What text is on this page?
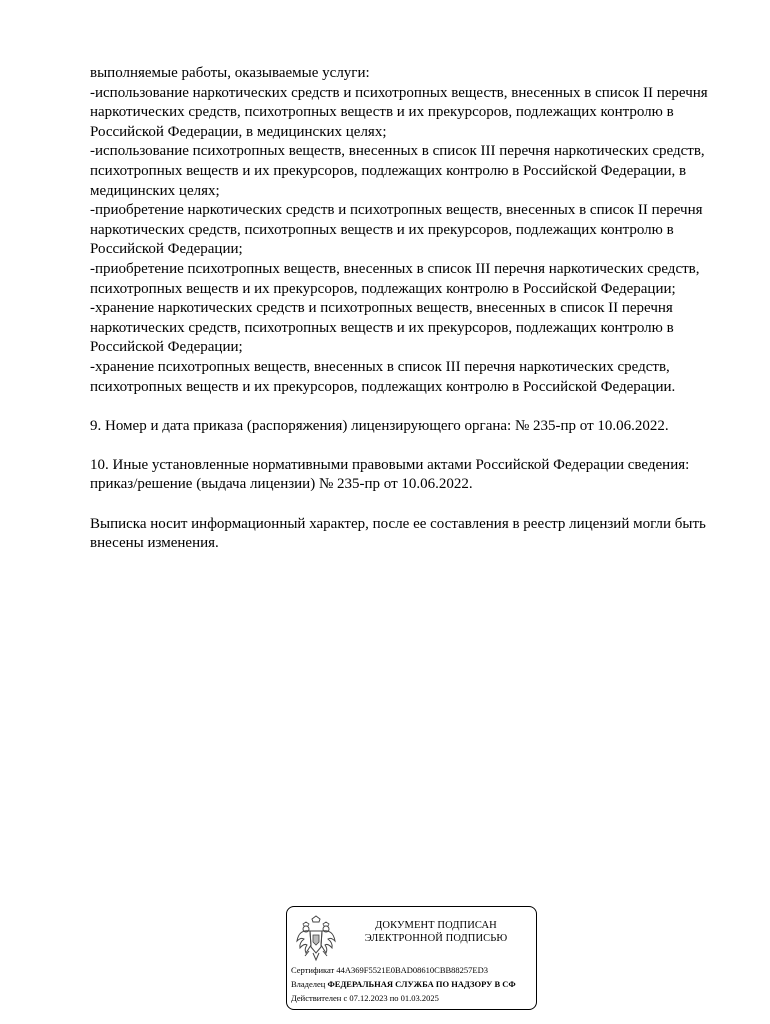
выполняемые работы, оказываемые услуги:
-использование наркотических средств и психотропных веществ, внесенных в список II перечня
наркотических средств, психотропных веществ и их прекурсоров, подлежащих контролю в
Российской Федерации, в медицинских целях;
-использование психотропных веществ, внесенных в список III перечня наркотических средств,
психотропных веществ и их прекурсоров, подлежащих контролю в Российской Федерации, в
медицинских целях;
-приобретение наркотических средств и психотропных веществ, внесенных в список II перечня
наркотических средств, психотропных веществ и их прекурсоров, подлежащих контролю в
Российской Федерации;
-приобретение психотропных веществ, внесенных в список III перечня наркотических средств,
психотропных веществ и их прекурсоров, подлежащих контролю в Российской Федерации;
-хранение наркотических средств и психотропных веществ, внесенных в список II перечня
наркотических средств, психотропных веществ и их прекурсоров, подлежащих контролю в
Российской Федерации;
-хранение психотропных веществ, внесенных в список III перечня наркотических средств,
психотропных веществ и их прекурсоров, подлежащих контролю в Российской Федерации.
9. Номер и дата приказа (распоряжения) лицензирующего органа: № 235-пр от 10.06.2022.
10. Иные установленные нормативными правовыми актами Российской Федерации сведения:
приказ/решение (выдача лицензии) № 235-пр от 10.06.2022.
Выписка носит информационный характер, после ее составления в реестр лицензий могли быть
внесены изменения.
ДОКУМЕНТ ПОДПИСАН
ЭЛЕКТРОННОЙ ПОДПИСЬЮ
Сертификат 44A369F5521E0BAD08610CBB88257ED3
Владелец ФЕДЕРАЛЬНАЯ СЛУЖБА ПО НАДЗОРУ В СФ
Действителен с 07.12.2023 по 01.03.2025
